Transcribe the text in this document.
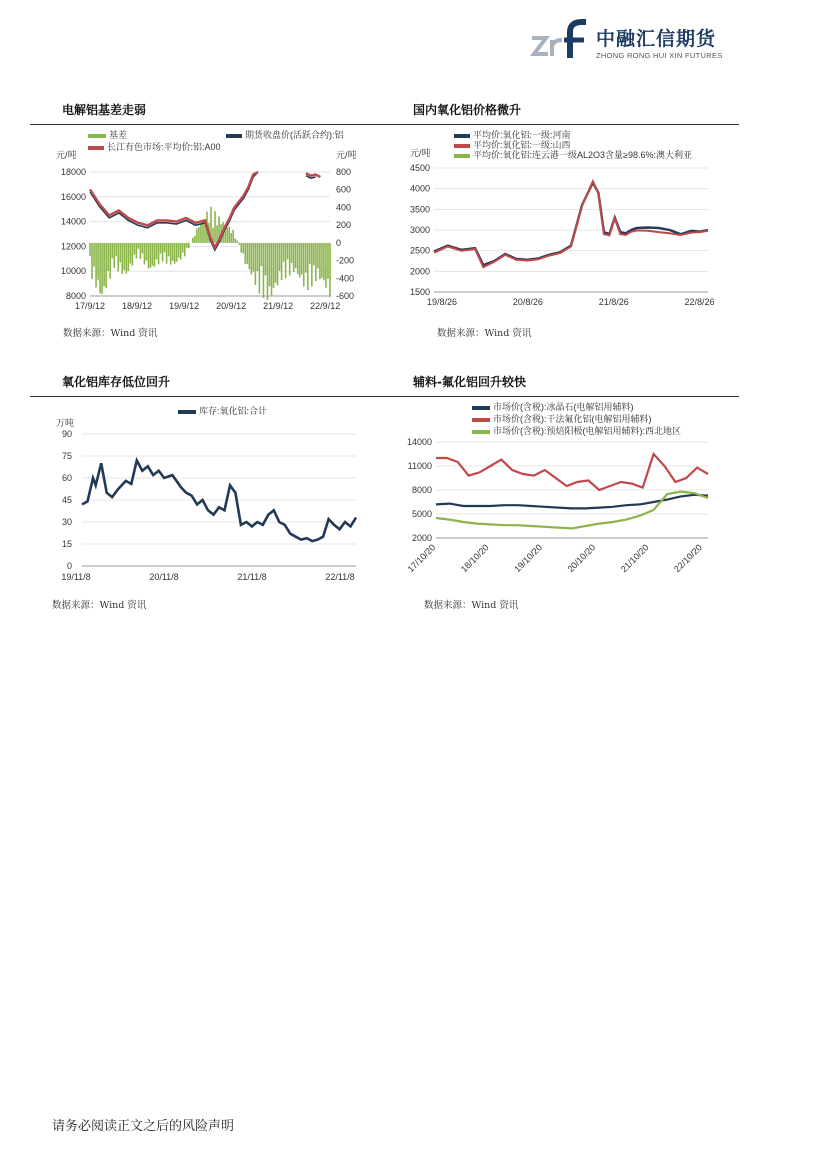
中融汇信期货
ZHONG RONG HUI XIN FUTURES
电解铝基差走弱	国内氧化铝价格微升
氧化铝库存低位回升	辅料-氟化铝回升较快
基差	期货收盘价(活跃合约):铝
长江有色市场:平均价:铝:A00
元/吨	元/吨
8000
10000
12000
14000
16000
18000
-600
-400
-200
0
200
400
600
800
17/9/12 18/9/12 19/9/12 20/9/12 21/9/12 22/9/12
数据来源：Wind 资讯
平均价:氧化铝:一级:河南
平均价:氧化铝:一级:山西
平均价:氧化铝:连云港一级AL2O3含量≥98.6%:澳大利亚
元/吨
1500
2000
2500
3000
3500
4000
4500
19/8/26	20/8/26	21/8/26	22/8/26
数据来源：Wind 资讯
库存:氧化铝:合计
万吨
0
15
30
45
60
75
90
19/11/8	20/11/8	21/11/8	22/11/8
数据来源：Wind 资讯
市场价(含税):冰晶石(电解铝用辅料)
市场价(含税):干法氟化铝(电解铝用辅料)
市场价(含税):预焙阳极(电解铝用辅料):西北地区
2000
5000
8000
11000
14000
17/10/20 18/10/20 19/10/20 20/10/20 21/10/20 22/10/20
数据来源：Wind 资讯
请务必阅读正文之后的风险声明
